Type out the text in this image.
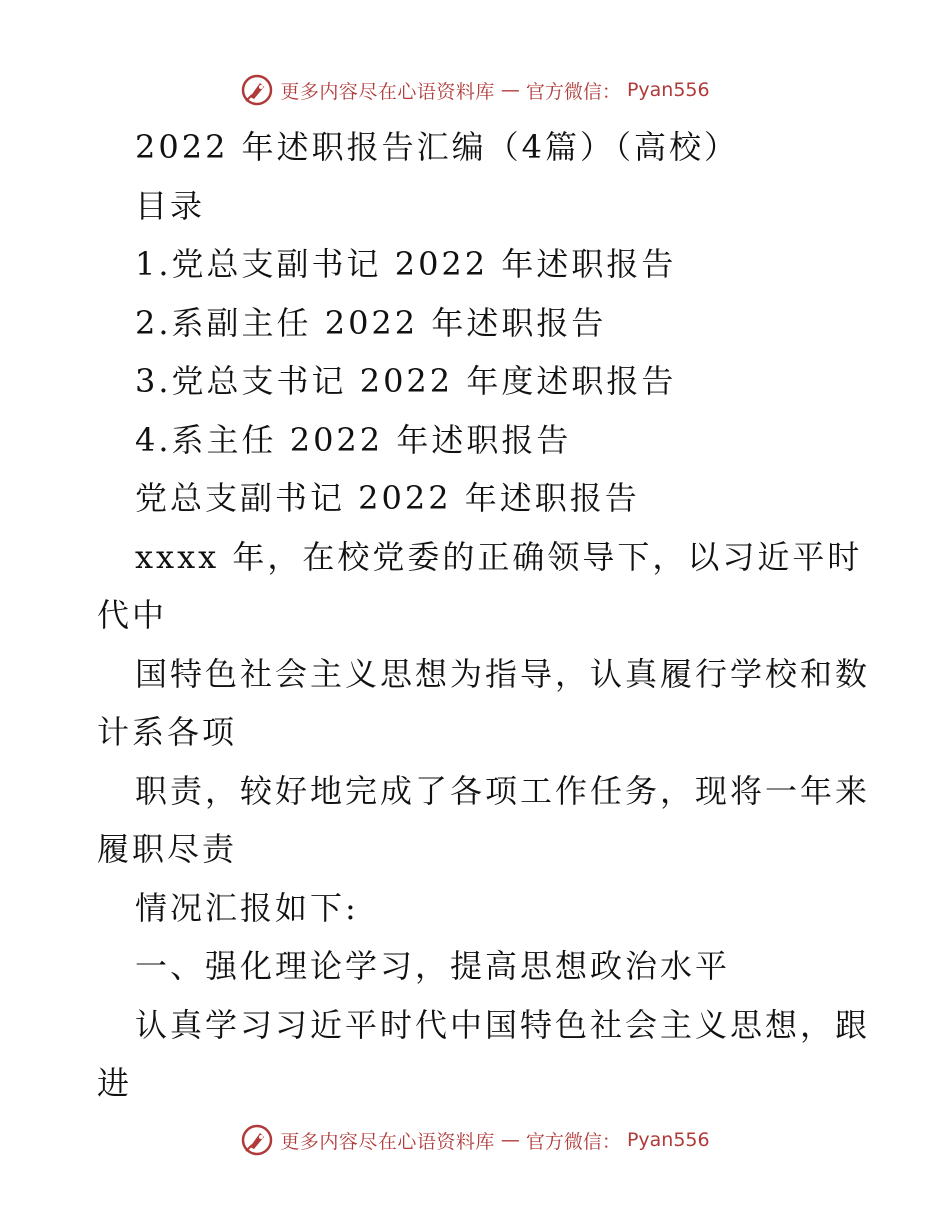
更多内容尽在心语资料库 — 官方微信： Pyan556
2022 年述职报告汇编（4篇）（高校）
目录
1.党总支副书记 2022 年述职报告
2.系副主任 2022 年述职报告
3.党总支书记 2022 年度述职报告
4.系主任 2022 年述职报告
党总支副书记 2022 年述职报告
xxxx 年，在校党委的正确领导下，以习近平时
代中
国特色社会主义思想为指导，认真履行学校和数
计系各项
职责，较好地完成了各项工作任务，现将一年来
履职尽责
情况汇报如下:
一、强化理论学习，提高思想政治水平
认真学习习近平时代中国特色社会主义思想，跟
进
更多内容尽在心语资料库 — 官方微信： Pyan556
